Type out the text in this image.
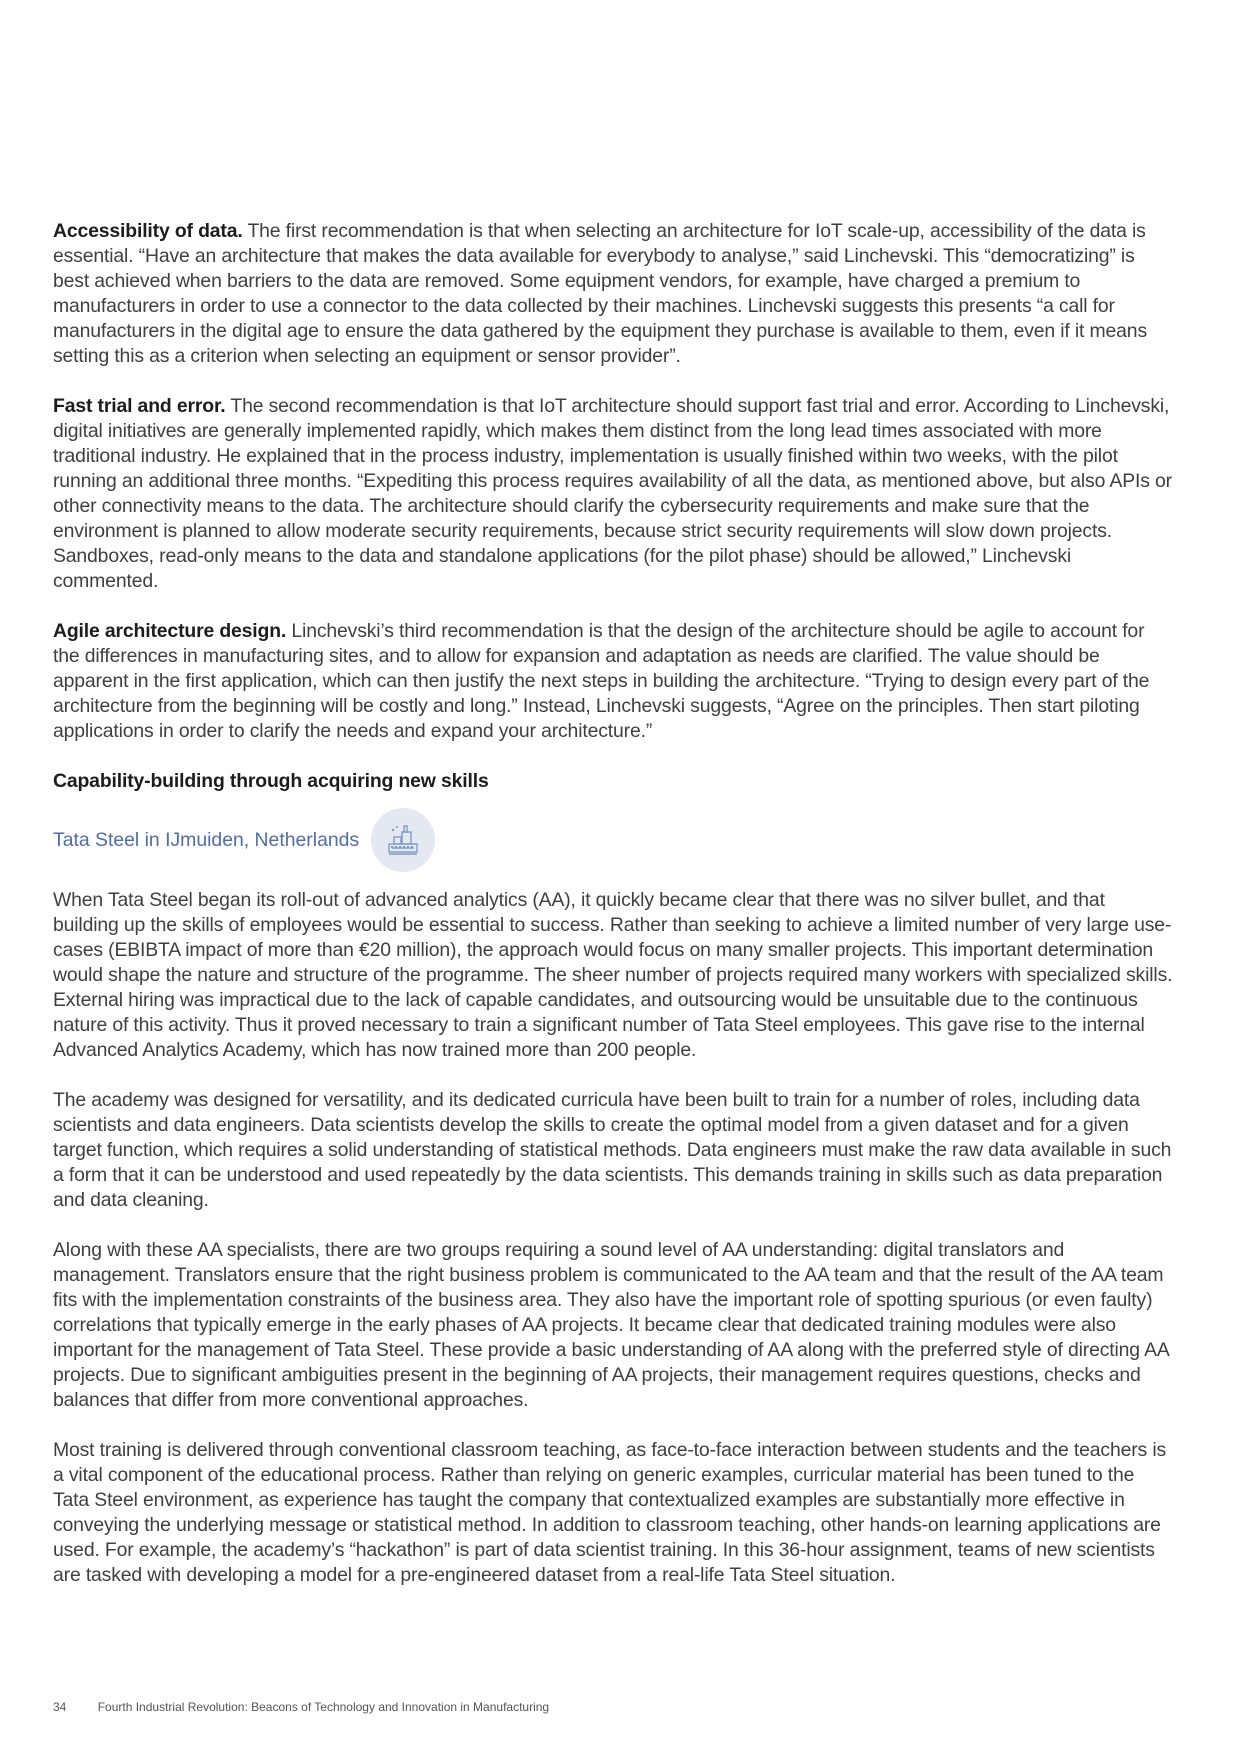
Accessibility of data. The first recommendation is that when selecting an architecture for IoT scale-up, accessibility of the data is essential. “Have an architecture that makes the data available for everybody to analyse,” said Linchevski. This “democratizing” is best achieved when barriers to the data are removed. Some equipment vendors, for example, have charged a premium to manufacturers in order to use a connector to the data collected by their machines. Linchevski suggests this presents “a call for manufacturers in the digital age to ensure the data gathered by the equipment they purchase is available to them, even if it means setting this as a criterion when selecting an equipment or sensor provider”.

Fast trial and error. The second recommendation is that IoT architecture should support fast trial and error. According to Linchevski, digital initiatives are generally implemented rapidly, which makes them distinct from the long lead times associated with more traditional industry. He explained that in the process industry, implementation is usually finished within two weeks, with the pilot running an additional three months. “Expediting this process requires availability of all the data, as mentioned above, but also APIs or other connectivity means to the data. The architecture should clarify the cybersecurity requirements and make sure that the environment is planned to allow moderate security requirements, because strict security requirements will slow down projects. Sandboxes, read-only means to the data and standalone applications (for the pilot phase) should be allowed,” Linchevski commented.

Agile architecture design. Linchevski’s third recommendation is that the design of the architecture should be agile to account for the differences in manufacturing sites, and to allow for expansion and adaptation as needs are clarified. The value should be apparent in the first application, which can then justify the next steps in building the architecture. “Trying to design every part of the architecture from the beginning will be costly and long.” Instead, Linchevski suggests, “Agree on the principles. Then start piloting applications in order to clarify the needs and expand your architecture.”

Capability-building through acquiring new skills
Tata Steel in IJmuiden, Netherlands

When Tata Steel began its roll-out of advanced analytics (AA), it quickly became clear that there was no silver bullet, and that building up the skills of employees would be essential to success. Rather than seeking to achieve a limited number of very large use-cases (EBIBTA impact of more than €20 million), the approach would focus on many smaller projects. This important determination would shape the nature and structure of the programme. The sheer number of projects required many workers with specialized skills. External hiring was impractical due to the lack of capable candidates, and outsourcing would be unsuitable due to the continuous nature of this activity. Thus it proved necessary to train a significant number of Tata Steel employees. This gave rise to the internal Advanced Analytics Academy, which has now trained more than 200 people.

The academy was designed for versatility, and its dedicated curricula have been built to train for a number of roles, including data scientists and data engineers. Data scientists develop the skills to create the optimal model from a given dataset and for a given target function, which requires a solid understanding of statistical methods. Data engineers must make the raw data available in such a form that it can be understood and used repeatedly by the data scientists. This demands training in skills such as data preparation and data cleaning.

Along with these AA specialists, there are two groups requiring a sound level of AA understanding: digital translators and management. Translators ensure that the right business problem is communicated to the AA team and that the result of the AA team fits with the implementation constraints of the business area. They also have the important role of spotting spurious (or even faulty) correlations that typically emerge in the early phases of AA projects. It became clear that dedicated training modules were also important for the management of Tata Steel. These provide a basic understanding of AA along with the preferred style of directing AA projects. Due to significant ambiguities present in the beginning of AA projects, their management requires questions, checks and balances that differ from more conventional approaches.

Most training is delivered through conventional classroom teaching, as face-to-face interaction between students and the teachers is a vital component of the educational process. Rather than relying on generic examples, curricular material has been tuned to the Tata Steel environment, as experience has taught the company that contextualized examples are substantially more effective in conveying the underlying message or statistical method. In addition to classroom teaching, other hands-on learning applications are used. For example, the academy’s “hackathon” is part of data scientist training. In this 36-hour assignment, teams of new scientists are tasked with developing a model for a pre-engineered dataset from a real-life Tata Steel situation.

34	Fourth Industrial Revolution: Beacons of Technology and Innovation in Manufacturing
